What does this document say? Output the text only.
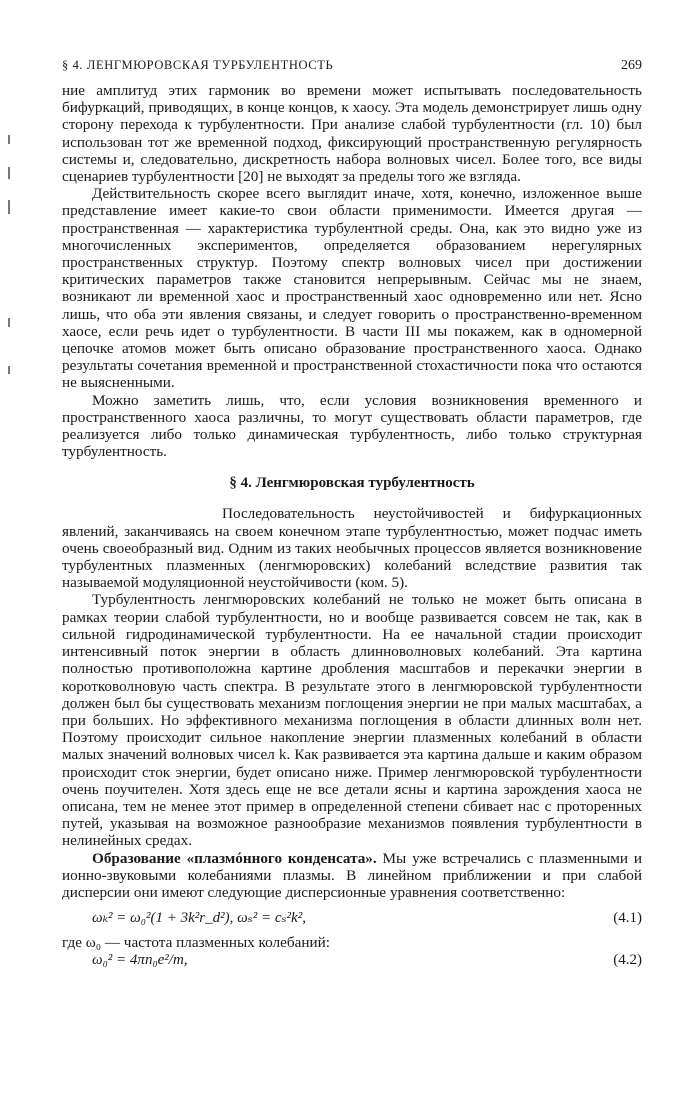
§ 4. ЛЕНГМЮРОВСКАЯ ТУРБУЛЕНТНОСТЬ	269

ние амплитуд этих гармоник во времени может испытывать последовательность бифуркаций, приводящих, в конце концов, к хаосу. Эта модель демонстрирует лишь одну сторону перехода к турбулентности. При анализе слабой турбулентности (гл. 10) был использован тот же временной подход, фиксирующий пространственную регулярность системы и, следовательно, дискретность набора волновых чисел. Более того, все виды сценариев турбулентности [20] не выходят за пределы того же взгляда.

Действительность скорее всего выглядит иначе, хотя, конечно, изложенное выше представление имеет какие-то свои области применимости. Имеется другая — пространственная — характеристика турбулентной среды. Она, как это видно уже из многочисленных экспериментов, определяется образованием нерегулярных пространственных структур. Поэтому спектр волновых чисел при достижении критических параметров также становится непрерывным. Сейчас мы не знаем, возникают ли временной хаос и пространственный хаос одновременно или нет. Ясно лишь, что оба эти явления связаны, и следует говорить о пространственно-временном хаосе, если речь идет о турбулентности. В части III мы покажем, как в одномерной цепочке атомов может быть описано образование пространственного хаоса. Однако результаты сочетания временной и пространственной стохастичности пока что остаются не выясненными.

Можно заметить лишь, что, если условия возникновения временного и пространственного хаоса различны, то могут существовать области параметров, где реализуется либо только динамическая турбулентность, либо только структурная турбулентность.

§ 4. Ленгмюровская турбулентность

Последовательность неустойчивостей и бифуркационных явлений, заканчиваясь на своем конечном этапе турбулентностью, может подчас иметь очень своеобразный вид. Одним из таких необычных процессов является возникновение турбулентных плазменных (ленгмюровских) колебаний вследствие развития так называемой модуляционной неустойчивости (ком. 5).

Турбулентность ленгмюровских колебаний не только не может быть описана в рамках теории слабой турбулентности, но и вообще развивается совсем не так, как в сильной гидродинамической турбулентности. На ее начальной стадии происходит интенсивный поток энергии в область длинноволновых колебаний. Эта картина полностью противоположна картине дробления масштабов и перекачки энергии в коротковолновую часть спектра. В результате этого в ленгмюровской турбулентности должен был бы существовать механизм поглощения энергии не при малых масштабах, а при больших. Но эффективного механизма поглощения в области длинных волн нет. Поэтому происходит сильное накопление энергии плазменных колебаний в области малых значений волновых чисел k. Как развивается эта картина дальше и каким образом происходит сток энергии, будет описано ниже. Пример ленгмюровской турбулентности очень поучителен. Хотя здесь еще не все детали ясны и картина зарождения хаоса не описана, тем не менее этот пример в определенной степени сбивает нас с проторенных путей, указывая на возможное разнообразие механизмов появления турбулентности в нелинейных средах.

Образование «плазмóнного конденсата». Мы уже встречались с плазменными и ионно-звуковыми колебаниями плазмы. В линейном приближении и при слабой дисперсии они имеют следующие дисперсионные уравнения соответственно:

ωₖ² = ω₀²(1 + 3k²r_d²), ωₛ² = cₛ²k²,	(4.1)
где ω₀ — частота плазменных колебаний:
ω₀² = 4πn₀e²/m,	(4.2)
